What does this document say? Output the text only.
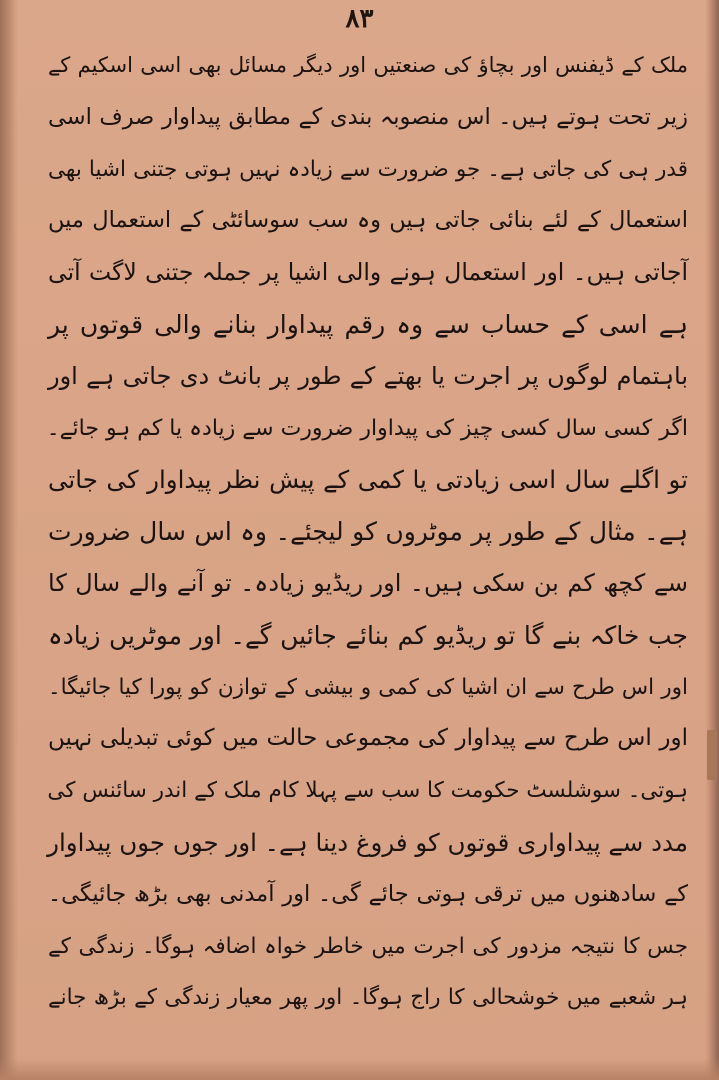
۸۳
ملک کے ڈیفنس اور بچاؤ کی صنعتیں اور دیگر مسائل بھی اسی اسکیم کے
زیر تحت ہوتے ہیں۔ اس منصوبہ بندی کے مطابق پیداوار صرف اسی
قدر ہی کی جاتی ہے۔ جو ضرورت سے زیادہ نہیں ہوتی جتنی اشیا بھی
استعمال کے لئے بنائی جاتی ہیں وہ سب سوسائٹی کے استعمال میں
آجاتی ہیں۔ اور استعمال ہونے والی اشیا پر جملہ جتنی لاگت آتی
ہے اسی کے حساب سے وہ رقم پیداوار بنانے والی قوتوں پر
باہتمام لوگوں پر اجرت یا بھتے کے طور پر بانٹ دی جاتی ہے اور
اگر کسی سال کسی چیز کی پیداوار ضرورت سے زیادہ یا کم ہو جائے۔
تو اگلے سال اسی زیادتی یا کمی کے پیش نظر پیداوار کی جاتی
ہے۔ مثال کے طور پر موٹروں کو لیجئے۔ وہ اس سال ضرورت
سے کچھ کم بن سکی ہیں۔ اور ریڈیو زیادہ۔ تو آنے والے سال کا
جب خاکہ بنے گا تو ریڈیو کم بنائے جائیں گے۔ اور موٹریں زیادہ
اور اس طرح سے ان اشیا کی کمی و بیشی کے توازن کو پورا کیا جائیگا۔
اور اس طرح سے پیداوار کی مجموعی حالت میں کوئی تبدیلی نہیں
ہوتی۔ سوشلسٹ حکومت کا سب سے پہلا کام ملک کے اندر سائنس کی
مدد سے پیداواری قوتوں کو فروغ دینا ہے۔ اور جوں جوں پیداوار
کے سادھنوں میں ترقی ہوتی جائے گی۔ اور آمدنی بھی بڑھ جائیگی۔
جس کا نتیجہ مزدور کی اجرت میں خاطر خواہ اضافہ ہوگا۔ زندگی کے
ہر شعبے میں خوشحالی کا راج ہوگا۔ اور پھر معیار زندگی کے بڑھ جانے
